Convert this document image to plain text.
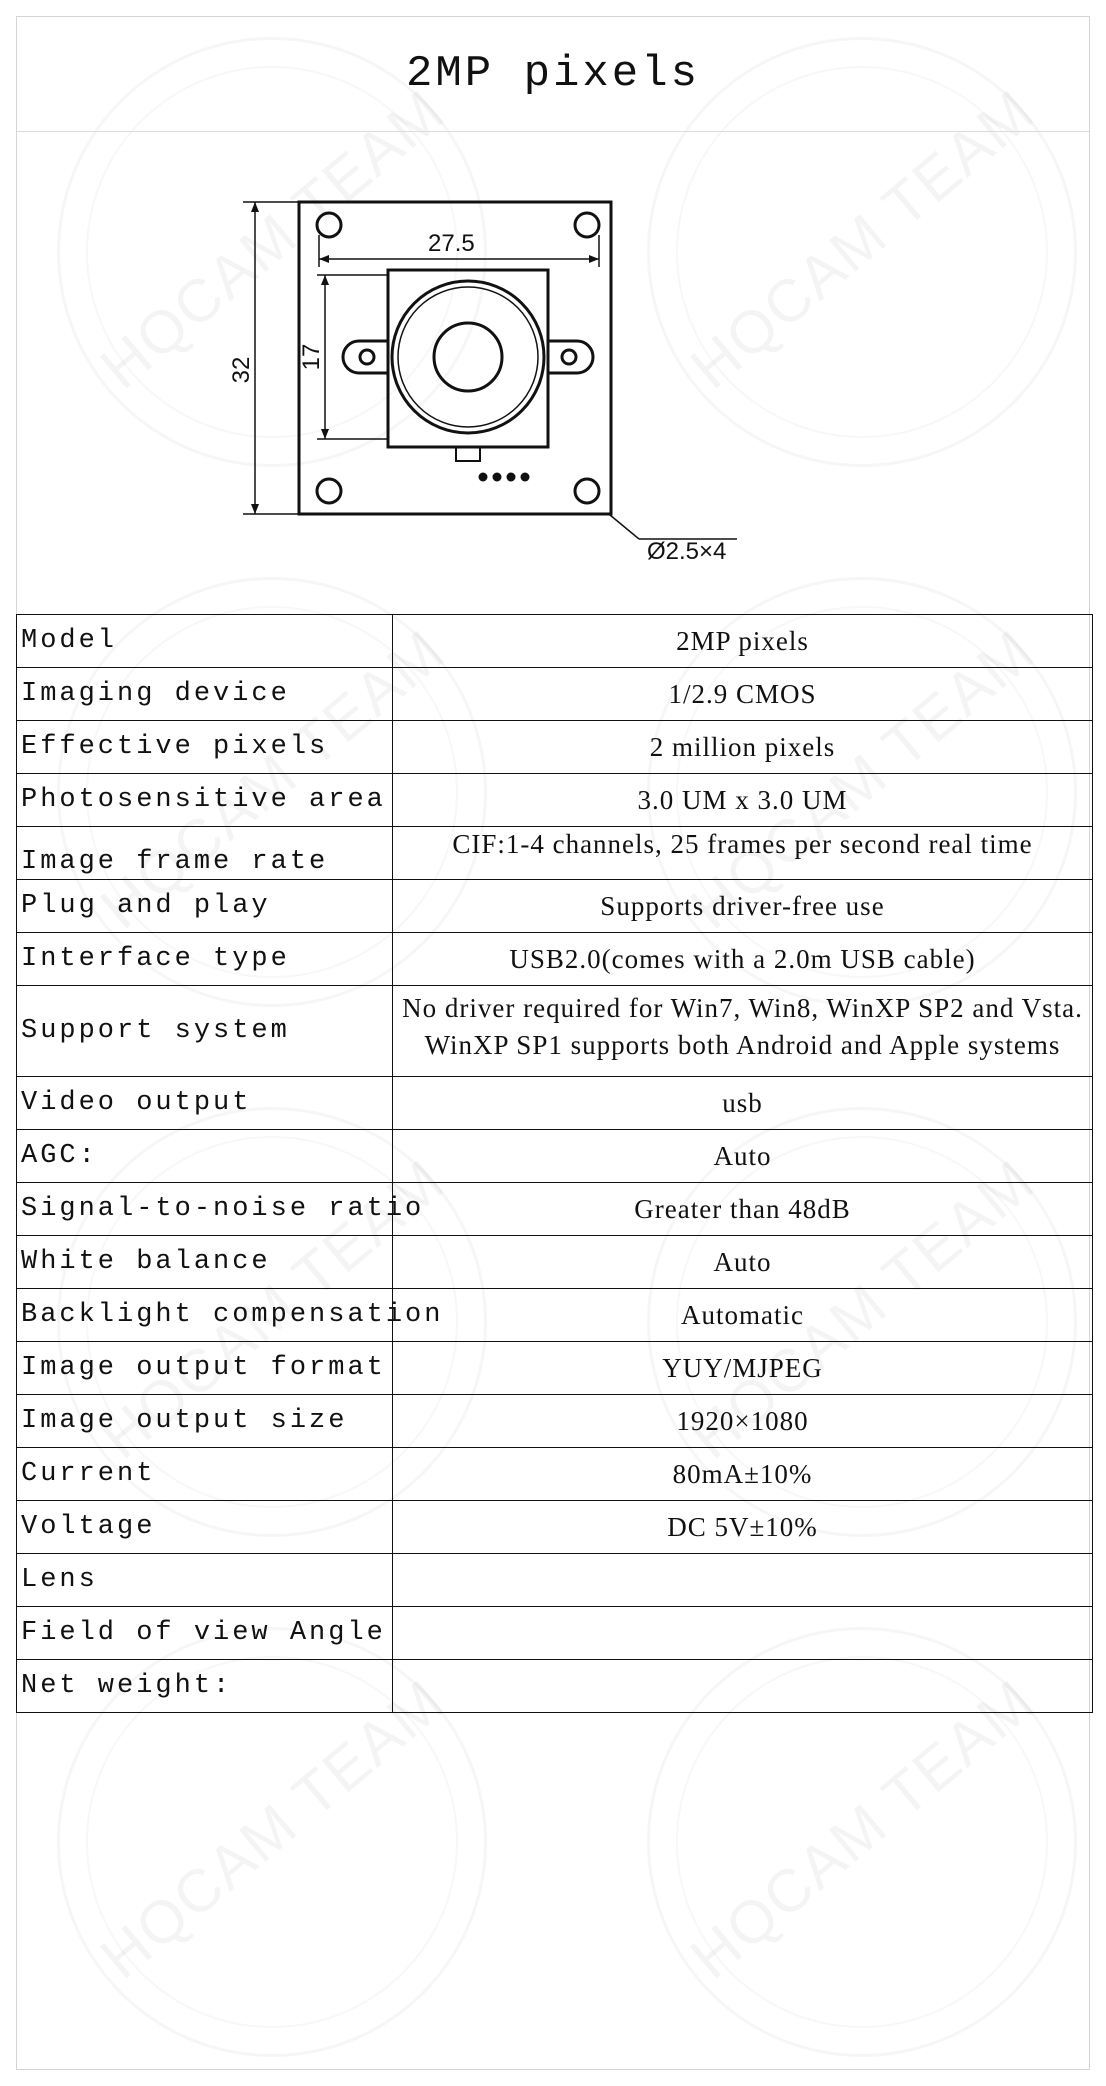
2MP pixels
27.5
32 17
Ø2.5×4
Model	2MP pixels

Imaging device	1/2.9 CMOS

Effective pixels	2 million pixels

Photosensitive area	3.0 UM x 3.0 UM

Image frame rate	CIF:1-4 channels, 25 frames per second real time

Plug and play	Supports driver-free use

Interface type	USB2.0(comes with a 2.0m USB cable)

Support system	No driver required for Win7, Win8, WinXP SP2 and Vsta. WinXP SP1 supports both Android and Apple systems

Video output	usb

AGC:	Auto

Signal-to-noise ratio	Greater than 48dB

White balance	Auto

Backlight compensation	Automatic

Image output format	YUY/MJPEG

Image output size	1920×1080

Current	80mA±10%

Voltage	DC 5V±10%

Lens	

Field of view Angle	

Net weight:	
